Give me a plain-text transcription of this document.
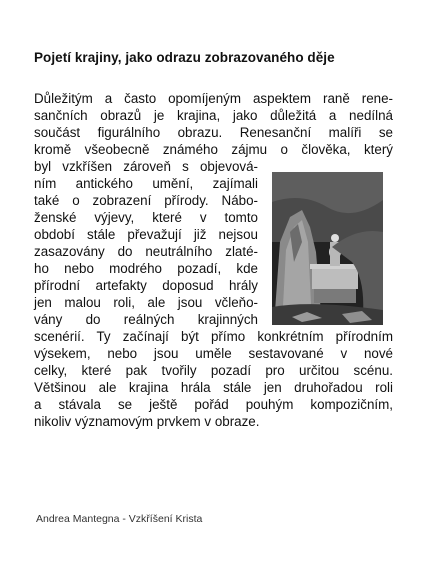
Pojetí krajiny, jako odrazu zobrazovaného děje
Důležitým a často opomíjeným aspektem raně rene-
sančních obrazů je krajina, jako důležitá a nedílná
součást figurálního obrazu. Renesanční malíři se
kromě všeobecně známého zájmu o člověka, který
byl vzkříšen zároveň s objevová-
ním antického umění, zajímali
také o zobrazení přírody. Nábo-
ženské výjevy, které v tomto
období stále převažují již nejsou
zasazovány do neutrálního zlaté-
ho nebo modrého pozadí, kde
přírodní artefakty doposud hrály
jen malou roli, ale jsou včleňo-
vány do reálných krajinných
scenérií. Ty začínají být přímo konkrétním přírodním
výsekem, nebo jsou uměle sestavované v nové
celky, které pak tvořily pozadí pro určitou scénu.
Většinou ale krajina hrála stále jen druhořadou roli
a stávala se ještě pořád pouhým kompozičním,
nikoliv významovým prvkem v obraze.
Andrea Mantegna - Vzkříšení Krista
